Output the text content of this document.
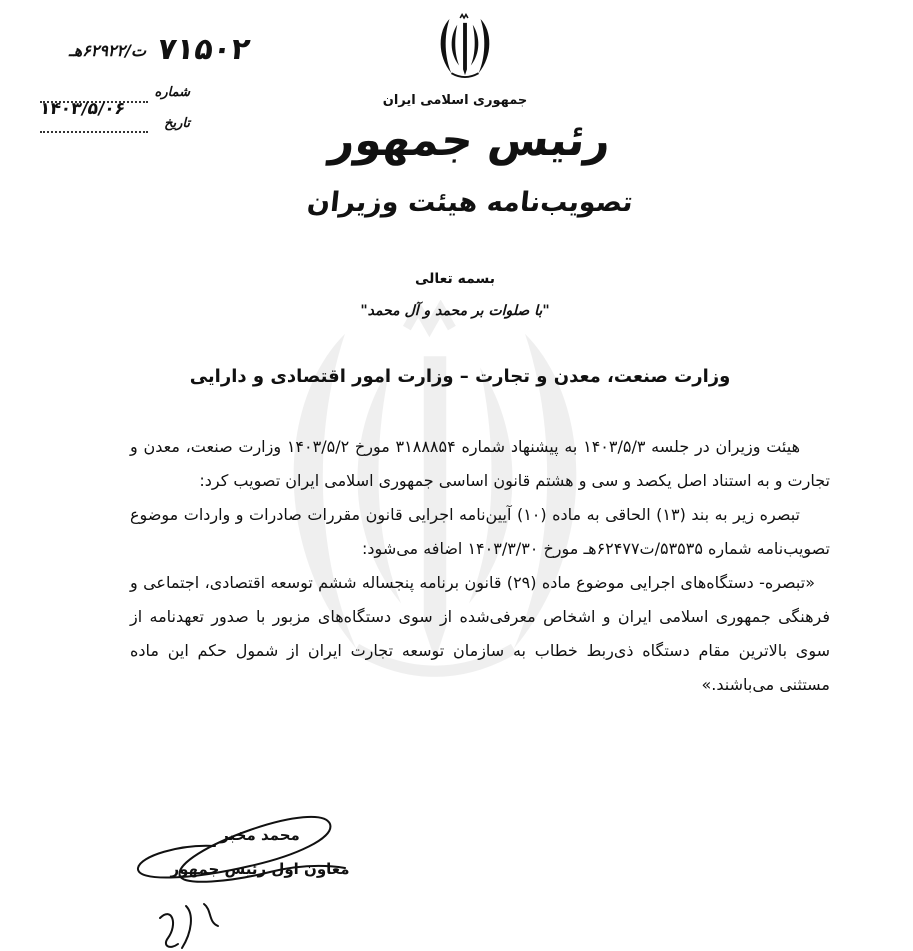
۷۱۵۰۲
ت/۶۲۹۲۲هـ
شماره
۱۴۰۳/۵/۰۶
تاریخ
جمهوری اسلامی ایران
رئیس جمهور
تصویب‌نامه هیئت وزیران
بسمه تعالی
"با صلوات بر محمد و آل محمد"
وزارت صنعت، معدن و تجارت – وزارت امور اقتصادی و دارایی

هیئت وزیران در جلسه ۱۴۰۳/۵/۳ به پیشنهاد شماره ۳۱۸۸۸۵۴ مورخ ۱۴۰۳/۵/۲ وزارت صنعت، معدن و تجارت و به استناد اصل یکصد و سی و هشتم قانون اساسی جمهوری اسلامی ایران تصویب کرد:

تبصره زیر به بند (۱۳) الحاقی به ماده (۱۰) آیین‌نامه اجرایی قانون مقررات صادرات و واردات موضوع تصویب‌نامه شماره ۵۳۵۳۵/ت۶۲۴۷۷هـ مورخ ۱۴۰۳/۳/۳۰ اضافه می‌شود:

«تبصره- دستگاه‌های اجرایی موضوع ماده (۲۹) قانون برنامه پنجساله ششم توسعه اقتصادی، اجتماعی و فرهنگی جمهوری اسلامی ایران و اشخاص معرفی‌شده از سوی دستگاه‌های مزبور با صدور تعهدنامه از سوی بالاترین مقام دستگاه ذی‌ربط خطاب به سازمان توسعه تجارت ایران از شمول حکم این ماده مستثنی می‌باشند.»

محمد مخبر
معاون اول رئیس جمهور
